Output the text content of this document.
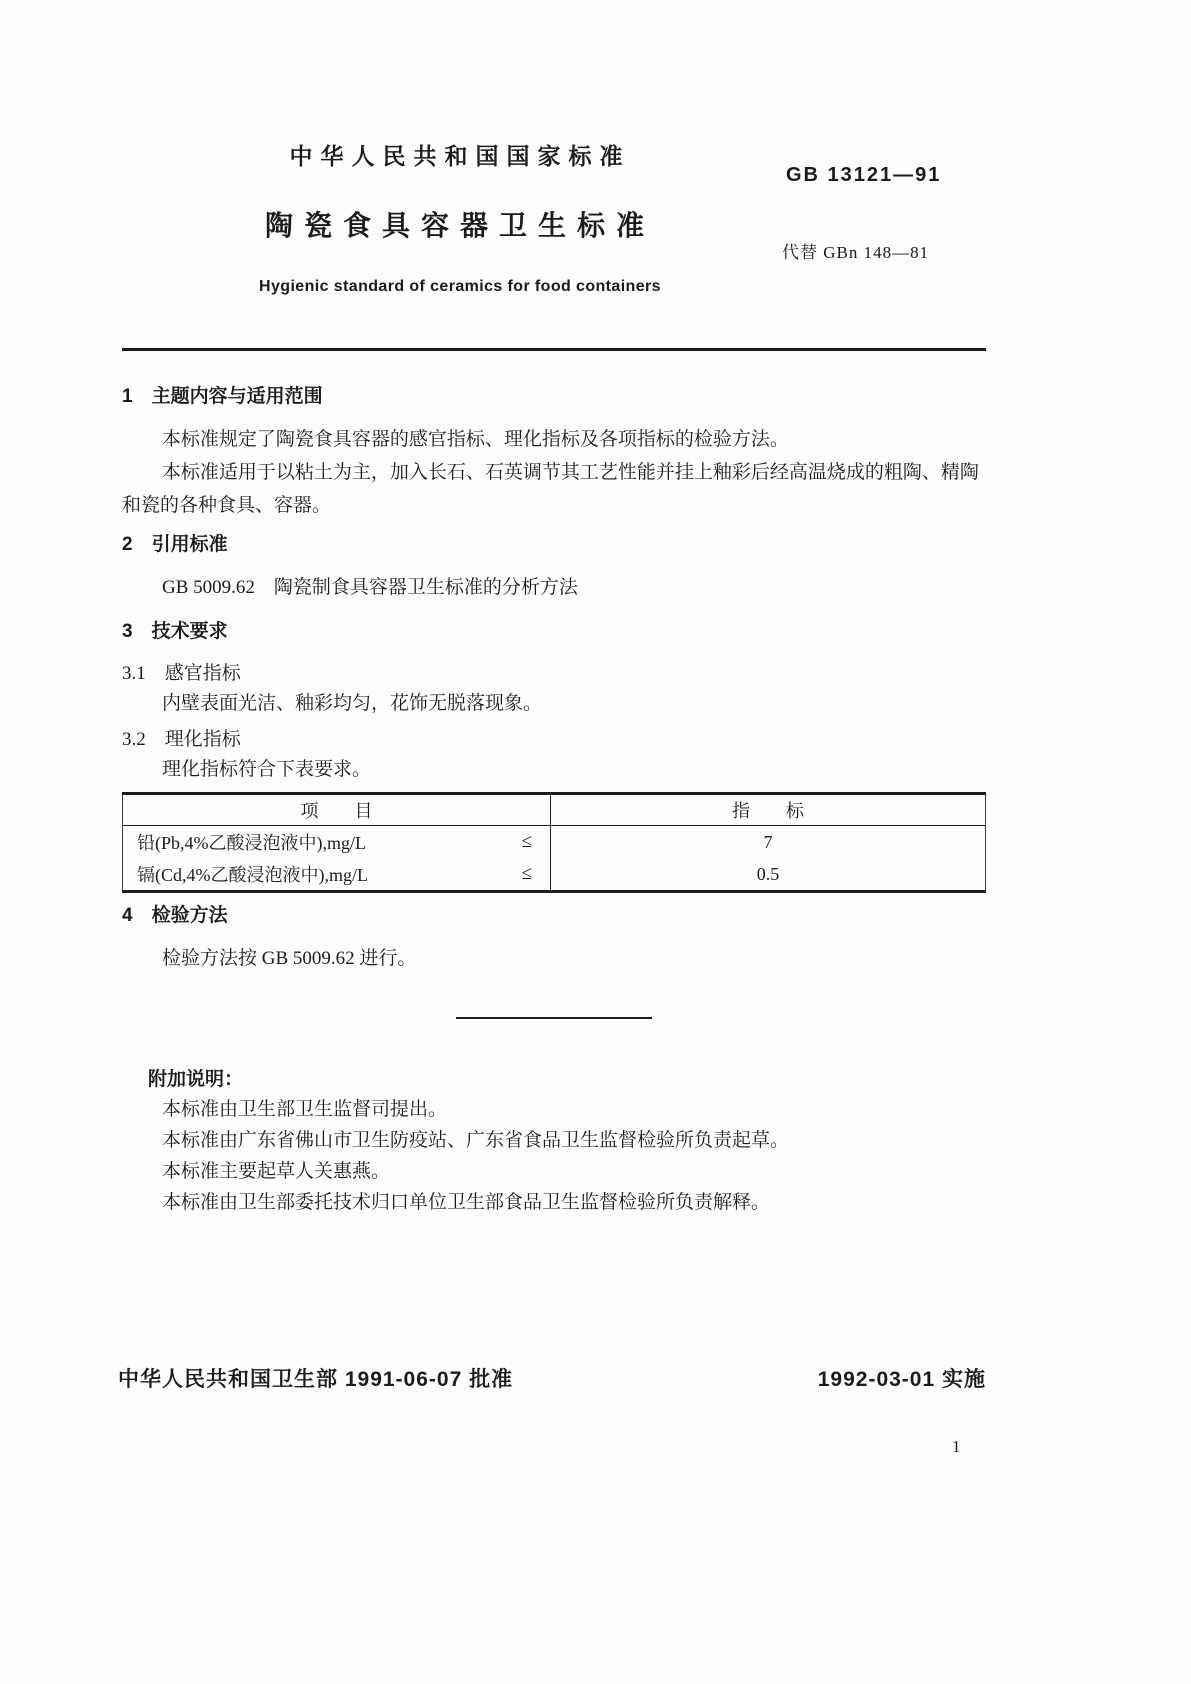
中华人民共和国国家标准
GB 13121—91
陶瓷食具容器卫生标准
代替 GBn 148—81
Hygienic standard of ceramics for food containers
1　主题内容与适用范围
本标准规定了陶瓷食具容器的感官指标、理化指标及各项指标的检验方法。
本标准适用于以粘土为主，加入长石、石英调节其工艺性能并挂上釉彩后经高温烧成的粗陶、精陶和瓷的各种食具、容器。
2　引用标准
GB 5009.62　陶瓷制食具容器卫生标准的分析方法
3　技术要求
3.1　感官指标
内壁表面光洁、釉彩均匀，花饰无脱落现象。
3.2　理化指标
理化指标符合下表要求。
项　　目	指　　标

铅(Pb,4%乙酸浸泡液中),mg/L ≤	7

镉(Cd,4%乙酸浸泡液中),mg/L ≤	0.5
4　检验方法
检验方法按 GB 5009.62 进行。
附加说明：
本标准由卫生部卫生监督司提出。
本标准由广东省佛山市卫生防疫站、广东省食品卫生监督检验所负责起草。
本标准主要起草人关惠燕。
本标准由卫生部委托技术归口单位卫生部食品卫生监督检验所负责解释。
中华人民共和国卫生部 1991-06-07 批准	1992-03-01 实施
1
